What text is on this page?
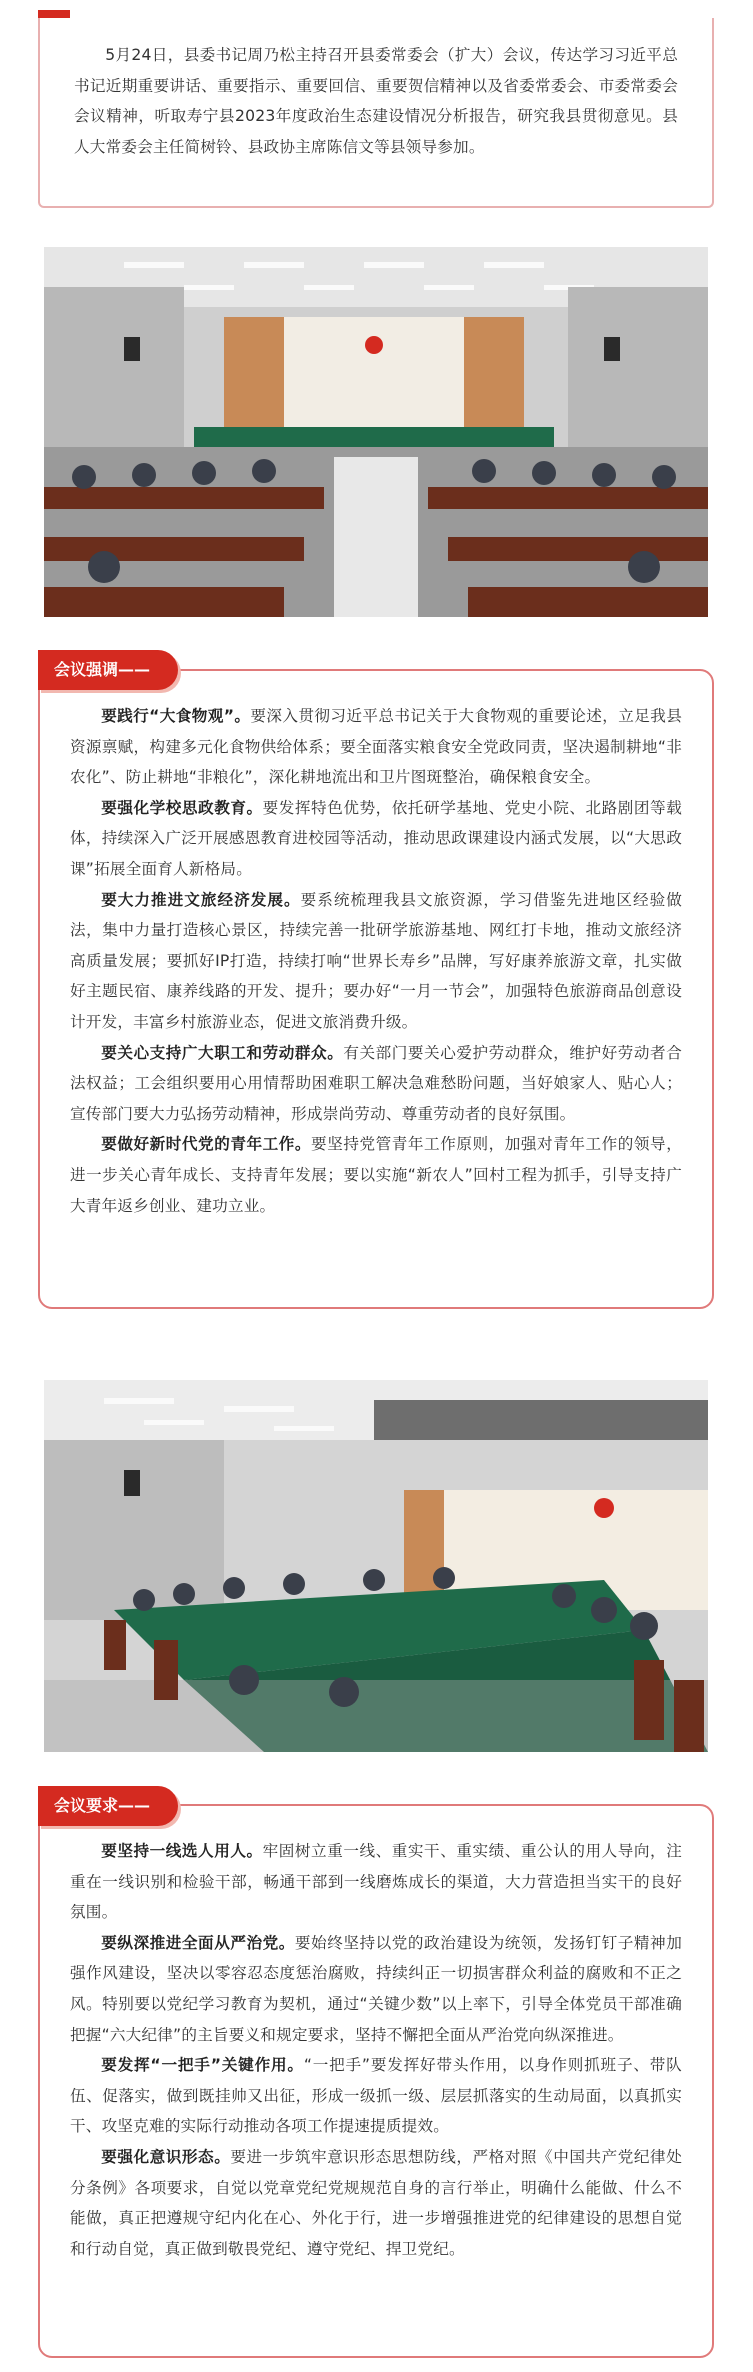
5月24日，县委书记周乃松主持召开县委常委会（扩大）会议，传达学习习近平总书记近期重要讲话、重要指示、重要回信、重要贺信精神以及省委常委会、市委常委会会议精神，听取寿宁县2023年度政治生态建设情况分析报告，研究我县贯彻意见。县人大常委会主任简树铃、县政协主席陈信文等县领导参加。

会议强调——

要践行“大食物观”。要深入贯彻习近平总书记关于大食物观的重要论述，立足我县资源禀赋，构建多元化食物供给体系；要全面落实粮食安全党政同责，坚决遏制耕地“非农化”、防止耕地“非粮化”，深化耕地流出和卫片图斑整治，确保粮食安全。

要强化学校思政教育。要发挥特色优势，依托研学基地、党史小院、北路剧团等载体，持续深入广泛开展感恩教育进校园等活动，推动思政课建设内涵式发展，以“大思政课”拓展全面育人新格局。

要大力推进文旅经济发展。要系统梳理我县文旅资源，学习借鉴先进地区经验做法，集中力量打造核心景区，持续完善一批研学旅游基地、网红打卡地，推动文旅经济高质量发展；要抓好IP打造，持续打响“世界长寿乡”品牌，写好康养旅游文章，扎实做好主题民宿、康养线路的开发、提升；要办好“一月一节会”，加强特色旅游商品创意设计开发，丰富乡村旅游业态，促进文旅消费升级。

要关心支持广大职工和劳动群众。有关部门要关心爱护劳动群众，维护好劳动者合法权益；工会组织要用心用情帮助困难职工解决急难愁盼问题，当好娘家人、贴心人；宣传部门要大力弘扬劳动精神，形成崇尚劳动、尊重劳动者的良好氛围。

要做好新时代党的青年工作。要坚持党管青年工作原则，加强对青年工作的领导，进一步关心青年成长、支持青年发展；要以实施“新农人”回村工程为抓手，引导支持广大青年返乡创业、建功立业。

会议要求——

要坚持一线选人用人。牢固树立重一线、重实干、重实绩、重公认的用人导向，注重在一线识别和检验干部，畅通干部到一线磨炼成长的渠道，大力营造担当实干的良好氛围。

要纵深推进全面从严治党。要始终坚持以党的政治建设为统领，发扬钉钉子精神加强作风建设，坚决以零容忍态度惩治腐败，持续纠正一切损害群众利益的腐败和不正之风。特别要以党纪学习教育为契机，通过“关键少数”以上率下，引导全体党员干部准确把握“六大纪律”的主旨要义和规定要求，坚持不懈把全面从严治党向纵深推进。

要发挥“一把手”关键作用。“一把手”要发挥好带头作用，以身作则抓班子、带队伍、促落实，做到既挂帅又出征，形成一级抓一级、层层抓落实的生动局面，以真抓实干、攻坚克难的实际行动推动各项工作提速提质提效。

要强化意识形态。要进一步筑牢意识形态思想防线，严格对照《中国共产党纪律处分条例》各项要求，自觉以党章党纪党规规范自身的言行举止，明确什么能做、什么不能做，真正把遵规守纪内化在心、外化于行，进一步增强推进党的纪律建设的思想自觉和行动自觉，真正做到敬畏党纪、遵守党纪、捍卫党纪。
